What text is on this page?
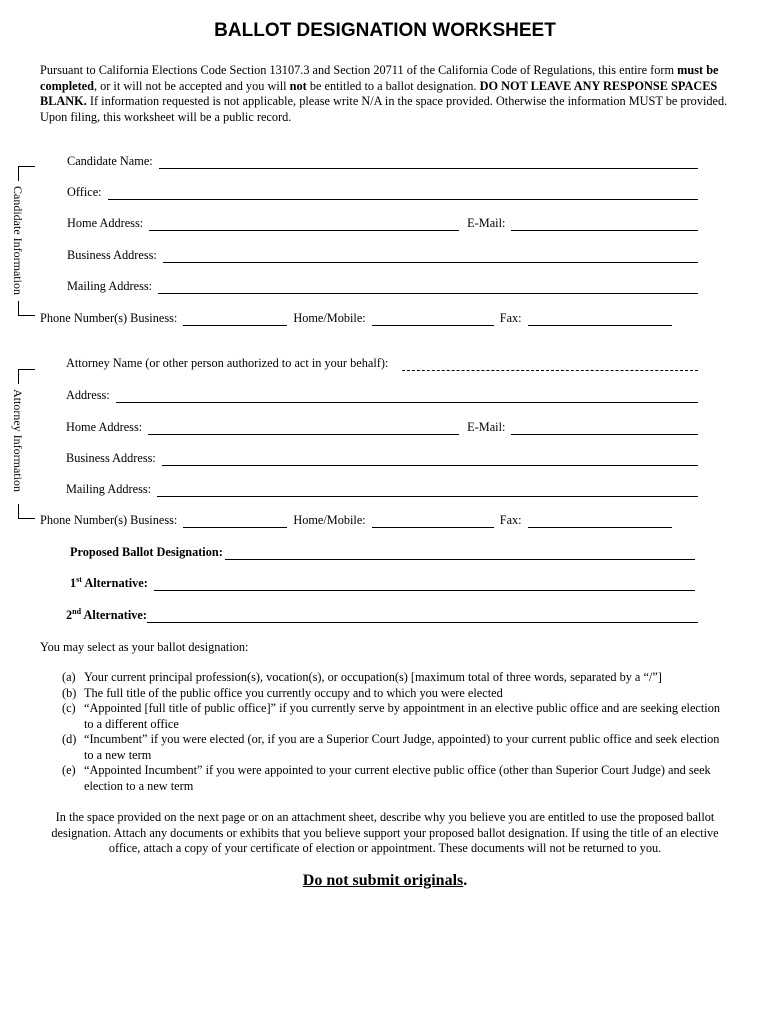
BALLOT DESIGNATION WORKSHEET
Pursuant to California Elections Code Section 13107.3 and Section 20711 of the California Code of Regulations, this entire form must be completed, or it will not be accepted and you will not be entitled to a ballot designation. DO NOT LEAVE ANY RESPONSE SPACES BLANK. If information requested is not applicable, please write N/A in the space provided. Otherwise the information MUST be provided. Upon filing, this worksheet will be a public record.
Candidate Information
Candidate Name:
Office:
Home Address:	E-Mail:
Business Address:
Mailing Address:
Phone Number(s) Business:	Home/Mobile:	Fax:
Attorney Information
Attorney Name (or other person authorized to act in your behalf):
Address:
Home Address:	E-Mail:
Business Address:
Mailing Address:
Phone Number(s) Business:	Home/Mobile:	Fax:
Proposed Ballot Designation:
1st Alternative:
2nd Alternative:
You may select as your ballot designation:
(a) Your current principal profession(s), vocation(s), or occupation(s) [maximum total of three words, separated by a “/”]
(b) The full title of the public office you currently occupy and to which you were elected
(c) “Appointed [full title of public office]” if you currently serve by appointment in an elective public office and are seeking election to a different office
(d) “Incumbent” if you were elected (or, if you are a Superior Court Judge, appointed) to your current public office and seek election to a new term
(e) “Appointed Incumbent” if you were appointed to your current elective public office (other than Superior Court Judge) and seek election to a new term
In the space provided on the next page or on an attachment sheet, describe why you believe you are entitled to use the proposed ballot designation. Attach any documents or exhibits that you believe support your proposed ballot designation. If using the title of an elective office, attach a copy of your certificate of election or appointment. These documents will not be returned to you.
Do not submit originals.
